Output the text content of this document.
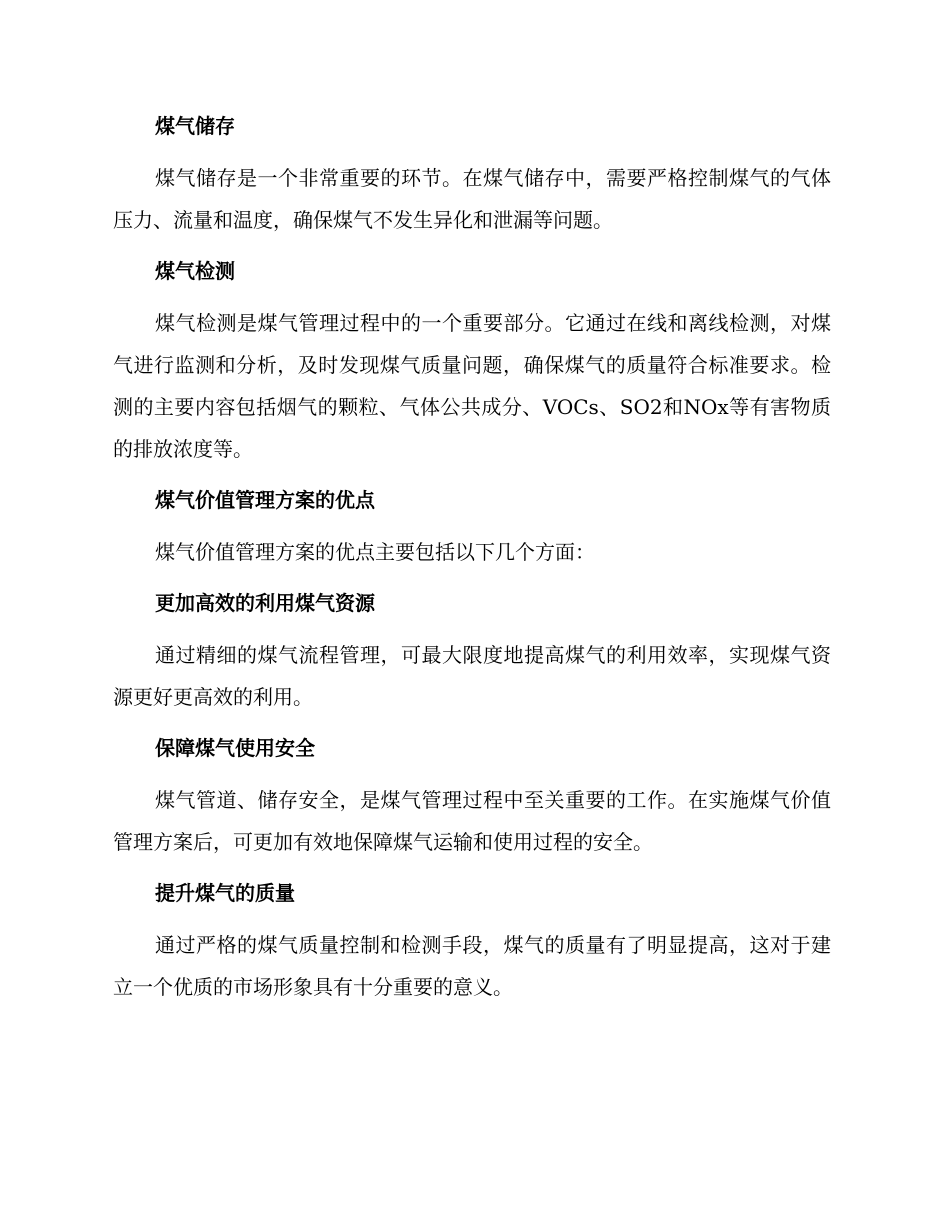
煤气储存
煤气储存是一个非常重要的环节。在煤气储存中，需要严格控制煤气的气体压力、流量和温度，确保煤气不发生异化和泄漏等问题。
煤气检测
煤气检测是煤气管理过程中的一个重要部分。它通过在线和离线检测，对煤气进行监测和分析，及时发现煤气质量问题，确保煤气的质量符合标准要求。检测的主要内容包括烟气的颗粒、气体公共成分、VOCs、SO2和NOx等有害物质的排放浓度等。
煤气价值管理方案的优点
煤气价值管理方案的优点主要包括以下几个方面：
更加高效的利用煤气资源
通过精细的煤气流程管理，可最大限度地提高煤气的利用效率，实现煤气资源更好更高效的利用。
保障煤气使用安全
煤气管道、储存安全，是煤气管理过程中至关重要的工作。在实施煤气价值管理方案后，可更加有效地保障煤气运输和使用过程的安全。
提升煤气的质量
通过严格的煤气质量控制和检测手段，煤气的质量有了明显提高，这对于建立一个优质的市场形象具有十分重要的意义。
